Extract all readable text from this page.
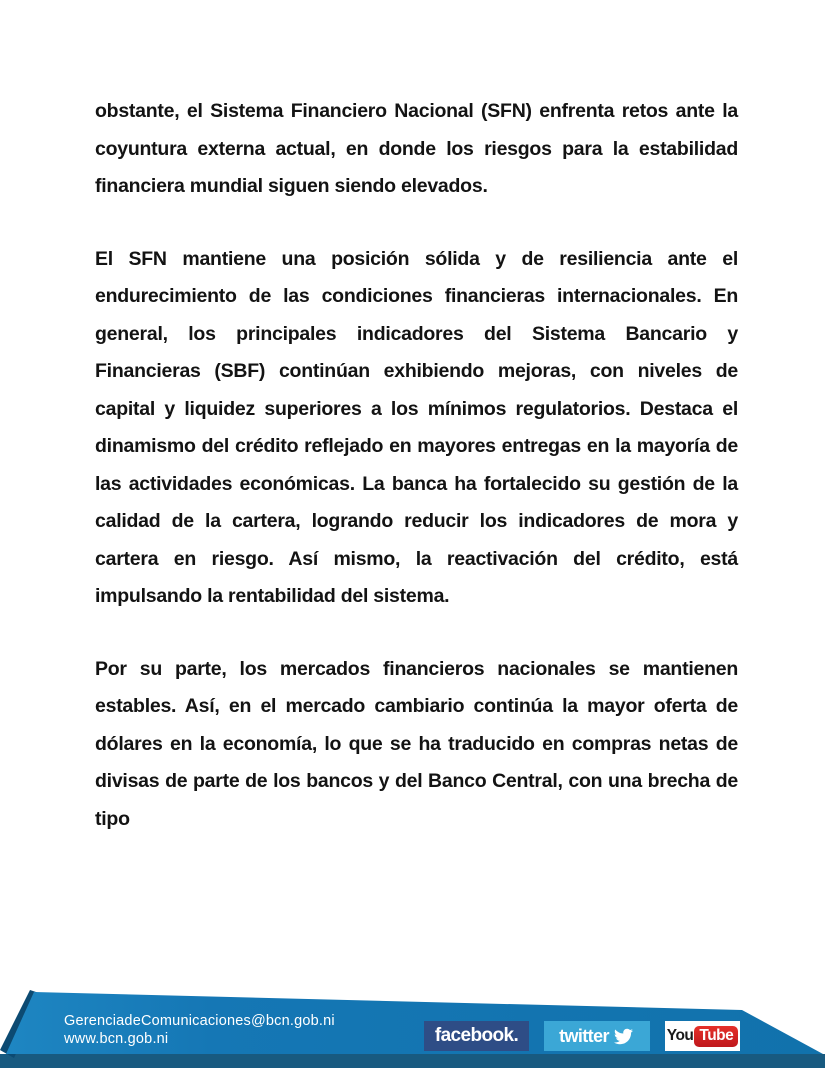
obstante, el Sistema Financiero Nacional (SFN) enfrenta retos ante la coyuntura externa actual, en donde los riesgos para la estabilidad financiera mundial siguen siendo elevados.

El SFN mantiene una posición sólida y de resiliencia ante el endurecimiento de las condiciones financieras internacionales. En general, los principales indicadores del Sistema Bancario y Financieras (SBF) continúan exhibiendo mejoras, con niveles de capital y liquidez superiores a los mínimos regulatorios. Destaca el dinamismo del crédito reflejado en mayores entregas en la mayoría de las actividades económicas. La banca ha fortalecido su gestión de la calidad de la cartera, logrando reducir los indicadores de mora y cartera en riesgo. Así mismo, la reactivación del crédito, está impulsando la rentabilidad del sistema.

Por su parte, los mercados financieros nacionales se mantienen estables. Así, en el mercado cambiario continúa la mayor oferta de dólares en la economía, lo que se ha traducido en compras netas de divisas de parte de los bancos y del Banco Central, con una brecha de tipo

GerenciadeComunicaciones@bcn.gob.ni
www.bcn.gob.ni	facebook. twitter	You Tube
